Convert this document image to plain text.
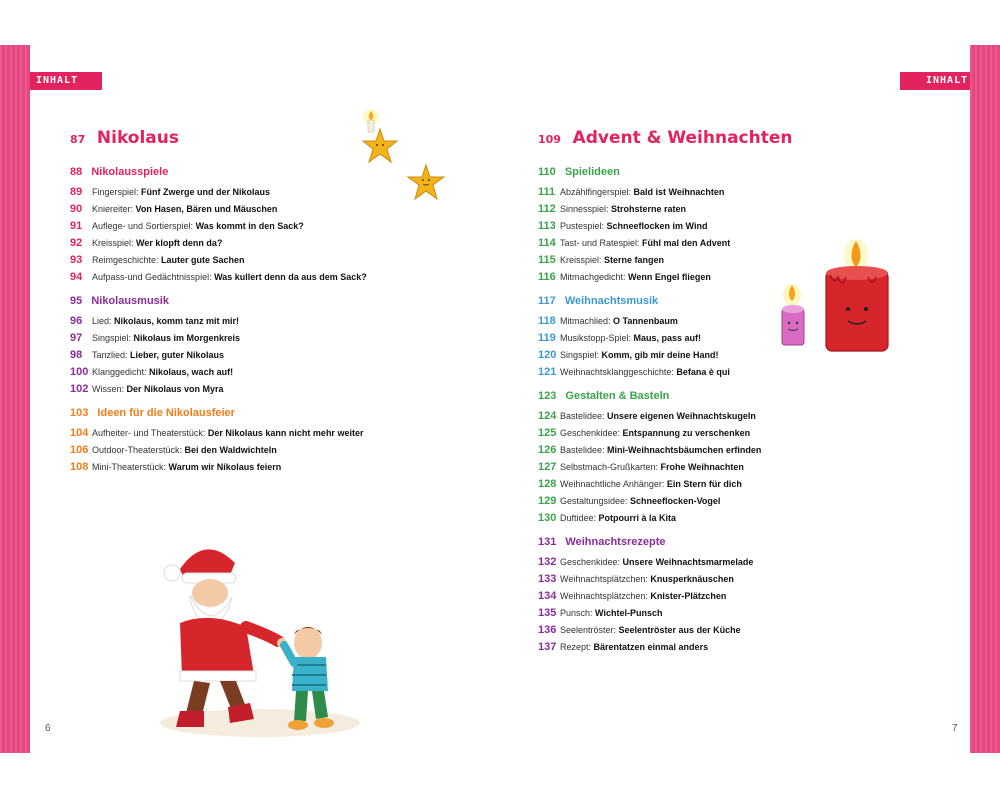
INHALT	INHALT
6	7
87 Nikolaus
88 Nikolausspiele
89 Fingerspiel: Fünf Zwerge und der Nikolaus
90 Kniereiter: Von Hasen, Bären und Mäuschen
91 Auflege- und Sortierspiel: Was kommt in den Sack?
92 Kreisspiel: Wer klopft denn da?
93 Reimgeschichte: Lauter gute Sachen
94 Aufpass-und Gedächtnisspiel: Was kullert denn da aus dem Sack?
95 Nikolausmusik
96 Lied: Nikolaus, komm tanz mit mir!
97 Singspiel: Nikolaus im Morgenkreis
98 Tanzlied: Lieber, guter Nikolaus
100 Klanggedicht: Nikolaus, wach auf!
102 Wissen: Der Nikolaus von Myra
103 Ideen für die Nikolausfeier
104 Aufheiter- und Theaterstück: Der Nikolaus kann nicht mehr weiter
106 Outdoor-Theaterstück: Bei den Waldwichteln
108 Mini-Theaterstück: Warum wir Nikolaus feiern
109 Advent & Weihnachten
110 Spielideen
111 Abzählfingerspiel: Bald ist Weihnachten
112 Sinnesspiel: Strohsterne raten
113 Pustespiel: Schneeflocken im Wind
114 Tast- und Ratespiel: Fühl mal den Advent
115 Kreisspiel: Sterne fangen
116 Mitmachgedicht: Wenn Engel fliegen
117 Weihnachtsmusik
118 Mitmachlied: O Tannenbaum
119 Musikstopp-Spiel: Maus, pass auf!
120 Singspiel: Komm, gib mir deine Hand!
121 Weihnachtsklanggeschichte: Befana è qui
123 Gestalten & Basteln
124 Bastelidee: Unsere eigenen Weihnachtskugeln
125 Geschenkidee: Entspannung zu verschenken
126 Bastelidee: Mini-Weihnachtsbäumchen erfinden
127 Selbstmach-Grußkarten: Frohe Weihnachten
128 Weihnachtliche Anhänger: Ein Stern für dich
129 Gestaltungsidee: Schneeflocken-Vogel
130 Duftidee: Potpourri à la Kita
131 Weihnachtsrezepte
132 Geschenkidee: Unsere Weihnachtsmarmelade
133 Weihnachtsplätzchen: Knusperknäuschen
134 Weihnachtsplätzchen: Knister-Plätzchen
135 Punsch: Wichtel-Punsch
136 Seelentröster: Seelentröster aus der Küche
137 Rezept: Bärentatzen einmal anders
